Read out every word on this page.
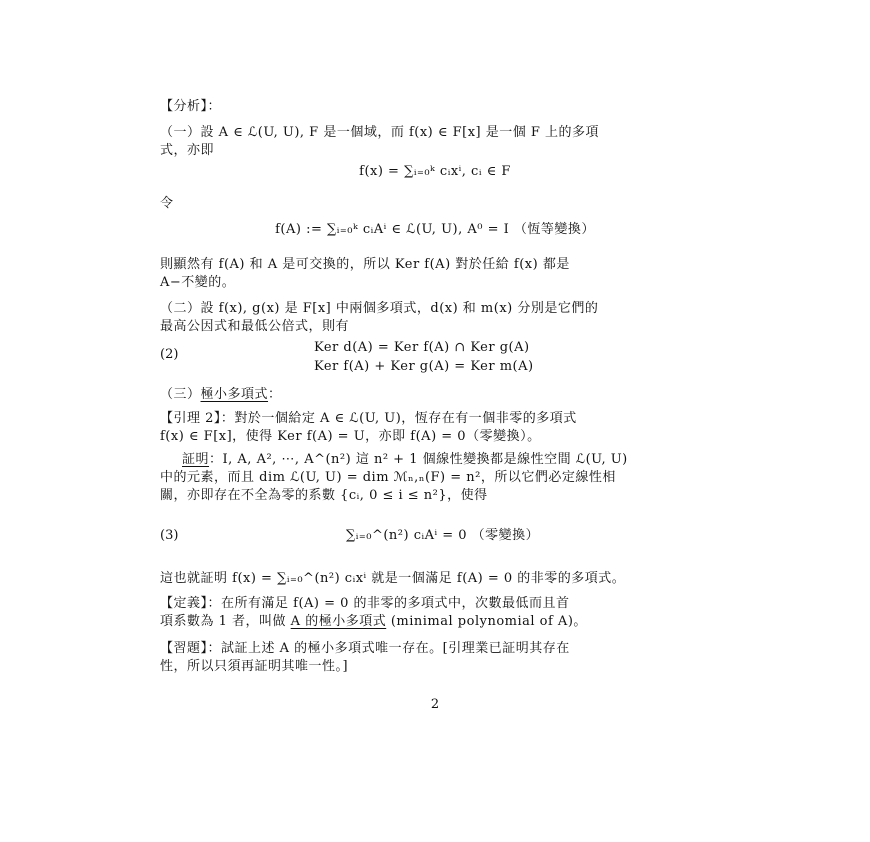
【分析】：
（一）設 A ∈ ℒ(U, U), F 是一個域，而 f(x) ∈ F[x] 是一個 F 上的多項
式，亦即
f(x) = ∑ᵢ₌₀ᵏ cᵢxⁱ, cᵢ ∈ F
令
f(A) := ∑ᵢ₌₀ᵏ cᵢAⁱ ∈ ℒ(U, U), A⁰ = I （恆等變換）
則顯然有 f(A) 和 A 是可交換的，所以 Ker f(A) 對於任給 f(x) 都是
A−不變的。
（二）設 f(x), g(x) 是 F[x] 中兩個多項式，d(x) 和 m(x) 分別是它們的
最高公因式和最低公倍式，則有
(2)	Ker d(A) = Ker f(A) ∩ Ker g(A)
Ker f(A) + Ker g(A) = Ker m(A)
（三）極小多項式：
【引理 2】：對於一個給定 A ∈ ℒ(U, U)，恆存在有一個非零的多項式
f(x) ∈ F[x]，使得 Ker f(A) = U，亦即 f(A) = 0（零變換）。
証明：I, A, A², ⋯, A^(n²) 這 n² + 1 個線性變換都是線性空間 ℒ(U, U)
中的元素，而且 dim ℒ(U, U) = dim ℳₙ,ₙ(F) = n²，所以它們必定線性相
關，亦即存在不全為零的系數 {cᵢ, 0 ≤ i ≤ n²}，使得
(3)	∑ᵢ₌₀^(n²) cᵢAⁱ = 0 （零變換）
這也就証明 f(x) = ∑ᵢ₌₀^(n²) cᵢxⁱ 就是一個滿足 f(A) = 0 的非零的多項式。
【定義】：在所有滿足 f(A) = 0 的非零的多項式中，次數最低而且首
項系數為 1 者，叫做 A 的極小多項式 (minimal polynomial of A)。
【習題】：試証上述 A 的極小多項式唯一存在。[引理業已証明其存在
性，所以只須再証明其唯一性。]
2
